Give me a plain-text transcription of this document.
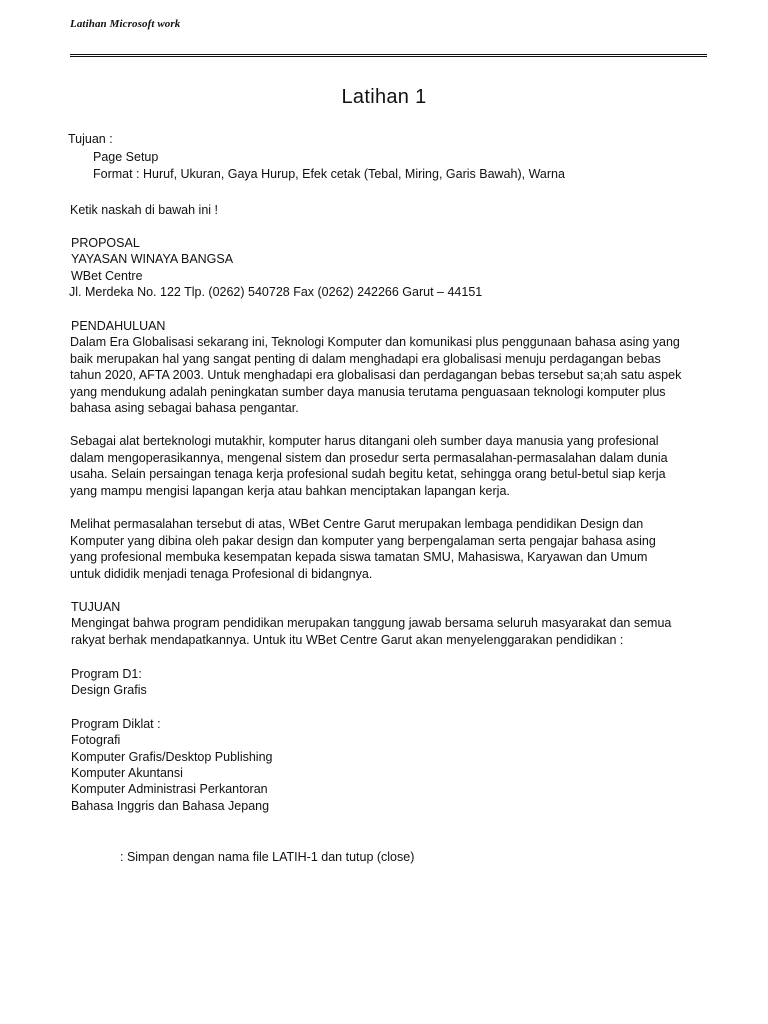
Latihan Microsoft work
Latihan 1
Tujuan :
Page Setup
Format : Huruf, Ukuran, Gaya Hurup, Efek cetak (Tebal, Miring, Garis Bawah), Warna
Ketik naskah di bawah ini !
PROPOSAL
YAYASAN WINAYA BANGSA
WBet Centre
Jl. Merdeka No. 122 Tlp. (0262) 540728 Fax (0262) 242266 Garut – 44151
PENDAHULUAN
Dalam Era Globalisasi sekarang ini, Teknologi Komputer dan komunikasi plus penggunaan bahasa asing yang
baik merupakan hal yang sangat penting di dalam menghadapi era globalisasi menuju perdagangan bebas
tahun 2020, AFTA 2003. Untuk menghadapi era globalisasi dan perdagangan bebas tersebut sa;ah satu aspek
yang mendukung adalah peningkatan sumber daya manusia terutama penguasaan teknologi komputer plus
bahasa asing sebagai bahasa pengantar.
Sebagai alat berteknologi mutakhir, komputer harus ditangani oleh sumber daya manusia yang profesional
dalam mengoperasikannya, mengenal sistem dan prosedur serta permasalahan-permasalahan dalam dunia
usaha. Selain persaingan tenaga kerja profesional sudah begitu ketat, sehingga orang betul-betul siap kerja
yang mampu mengisi lapangan kerja atau bahkan menciptakan lapangan kerja.
Melihat permasalahan tersebut di atas, WBet Centre Garut merupakan lembaga pendidikan Design dan
Komputer yang dibina oleh pakar design dan komputer yang berpengalaman serta pengajar bahasa asing
yang profesional membuka kesempatan kepada siswa tamatan SMU, Mahasiswa, Karyawan dan Umum
untuk dididik menjadi tenaga Profesional di bidangnya.
TUJUAN
Mengingat bahwa program pendidikan merupakan tanggung jawab bersama seluruh masyarakat dan semua
rakyat berhak mendapatkannya. Untuk itu WBet Centre Garut akan menyelenggarakan pendidikan :
Program D1:
Design Grafis
Program Diklat :
Fotografi
Komputer Grafis/Desktop Publishing
Komputer Akuntansi
Komputer Administrasi Perkantoran
Bahasa Inggris dan Bahasa Jepang
: Simpan dengan nama file LATIH-1 dan tutup (close)
